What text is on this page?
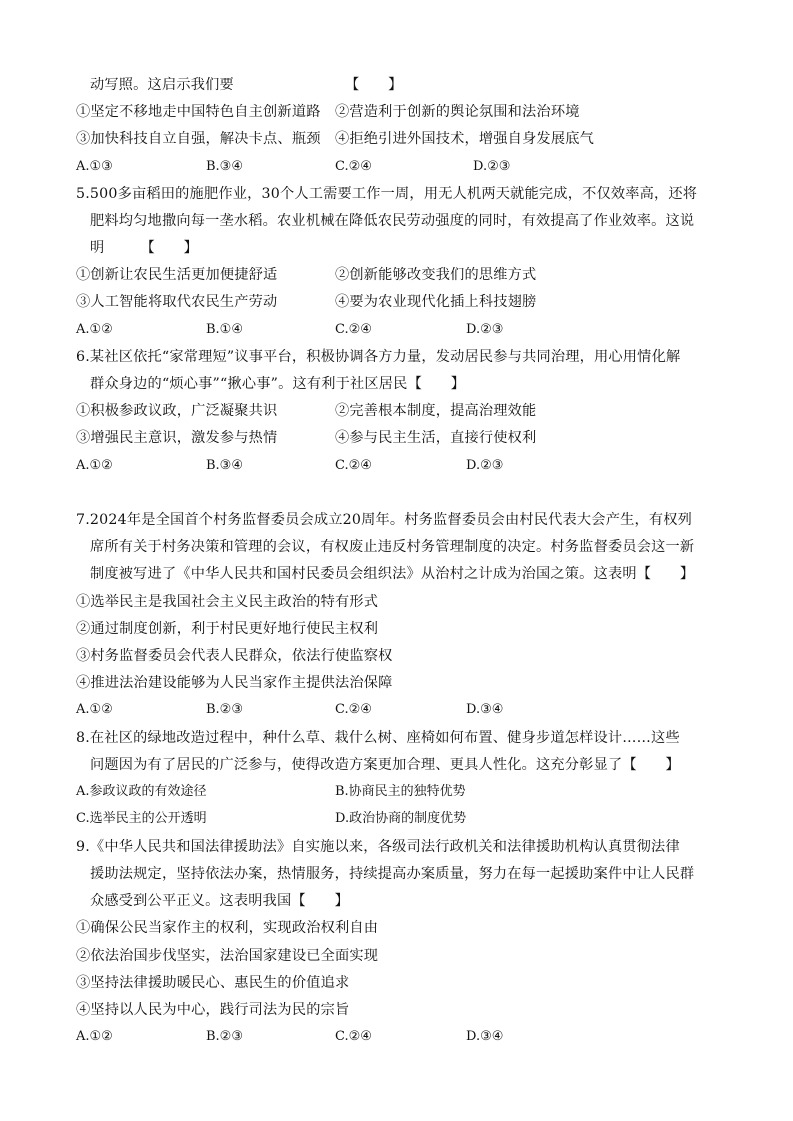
动写照。这启示我们要	【　　】
①坚定不移地走中国特色自主创新道路 ②营造利于创新的舆论氛围和法治环境
③加快科技自立自强，解决卡点、瓶颈 ④拒绝引进外国技术，增强自身发展底气
A.①③	B.③④	C.②④	D.②③
5.500多亩稻田的施肥作业，30个人工需要工作一周，用无人机两天就能完成，不仅效率高，还将
肥料均匀地撒向每一垄水稻。农业机械在降低农民劳动强度的同时，有效提高了作业效率。这说
明　　　【　　】
①创新让农民生活更加便捷舒适	②创新能够改变我们的思维方式
③人工智能将取代农民生产劳动	④要为农业现代化插上科技翅膀
A.①②	B.①④	C.②④	D.②③
6.某社区依托“家常理短”议事平台，积极协调各方力量，发动居民参与共同治理，用心用情化解
群众身边的“烦心事”“揪心事”。这有利于社区居民【　　】
①积极参政议政，广泛凝聚共识	②完善根本制度，提高治理效能
③增强民主意识，激发参与热情	④参与民主生活，直接行使权利
A.①②	B.③④	C.②④	D.②③
7.2024年是全国首个村务监督委员会成立20周年。村务监督委员会由村民代表大会产生，有权列
席所有关于村务决策和管理的会议，有权废止违反村务管理制度的决定。村务监督委员会这一新
制度被写进了《中华人民共和国村民委员会组织法》从治村之计成为治国之策。这表明【　　】
①选举民主是我国社会主义民主政治的特有形式
②通过制度创新，利于村民更好地行使民主权利
③村务监督委员会代表人民群众，依法行使监察权
④推进法治建设能够为人民当家作主提供法治保障
A.①②	B.②③	C.②④	D.③④
8.在社区的绿地改造过程中，种什么草、栽什么树、座椅如何布置、健身步道怎样设计……这些
问题因为有了居民的广泛参与，使得改造方案更加合理、更具人性化。这充分彰显了【　　】
A.参政议政的有效途径	B.协商民主的独特优势
C.选举民主的公开透明	D.政治协商的制度优势
9.《中华人民共和国法律援助法》自实施以来，各级司法行政机关和法律援助机构认真贯彻法律
援助法规定，坚持依法办案，热情服务，持续提高办案质量，努力在每一起援助案件中让人民群
众感受到公平正义。这表明我国【　　】
①确保公民当家作主的权利，实现政治权利自由
②依法治国步伐坚实，法治国家建设已全面实现
③坚持法律援助暖民心、惠民生的价值追求
④坚持以人民为中心，践行司法为民的宗旨
A.①②	B.②③	C.②④	D.③④
